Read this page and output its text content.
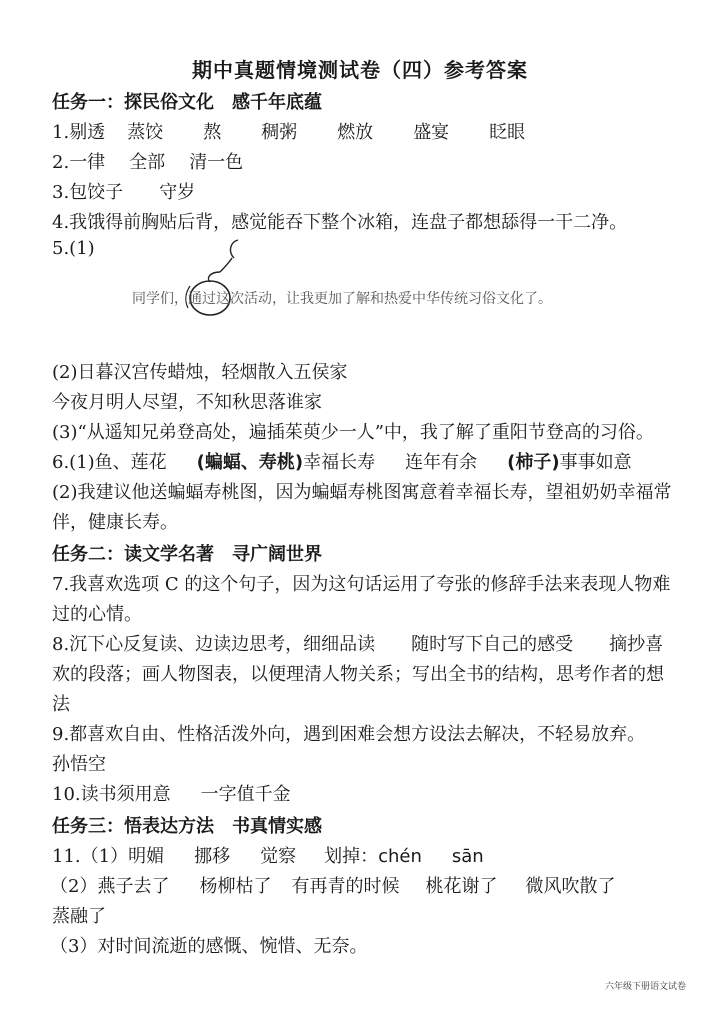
期中真题情境测试卷（四）参考答案
任务一：探民俗文化　感千年底蕴
1.剔透 蒸饺 熬 稠粥 燃放 盛宴 眨眼
2.一律 全部 清一色
3.包饺子 守岁
4.我饿得前胸贴后背，感觉能吞下整个冰箱，连盘子都想舔得一干二净。
5.(1)
同学们，通过这次活动，让我更加了解和热爱中华传统习俗文化了。
(2)日暮汉宫传蜡烛，轻烟散入五侯家
今夜月明人尽望，不知秋思落谁家
(3)“从遥知兄弟登高处，遍插茱萸少一人”中，我了解了重阳节登高的习俗。
6.(1)鱼、莲花 (蝙蝠、寿桃)幸福长寿 连年有余 (柿子)事事如意
(2)我建议他送蝙蝠寿桃图，因为蝙蝠寿桃图寓意着幸福长寿，望祖奶奶幸福常
伴，健康长寿。
任务二：读文学名著　寻广阔世界
7.我喜欢选项 C 的这个句子，因为这句话运用了夸张的修辞手法来表现人物难
过的心情。
8.沉下心反复读、边读边思考，细细品读　　随时写下自己的感受　　摘抄喜
欢的段落；画人物图表，以便理清人物关系；写出全书的结构，思考作者的想
法
9.都喜欢自由、性格活泼外向，遇到困难会想方设法去解决，不轻易放弃。
孙悟空
10.读书须用意 一字值千金
任务三：悟表达方法　书真情实感
11.（1）明媚 挪移 觉察 划掉：chén sān
（2）燕子去了 杨柳枯了 有再青的时候 桃花谢了 微风吹散了
蒸融了
（3）对时间流逝的感慨、惋惜、无奈。
六年级下册语文试卷
